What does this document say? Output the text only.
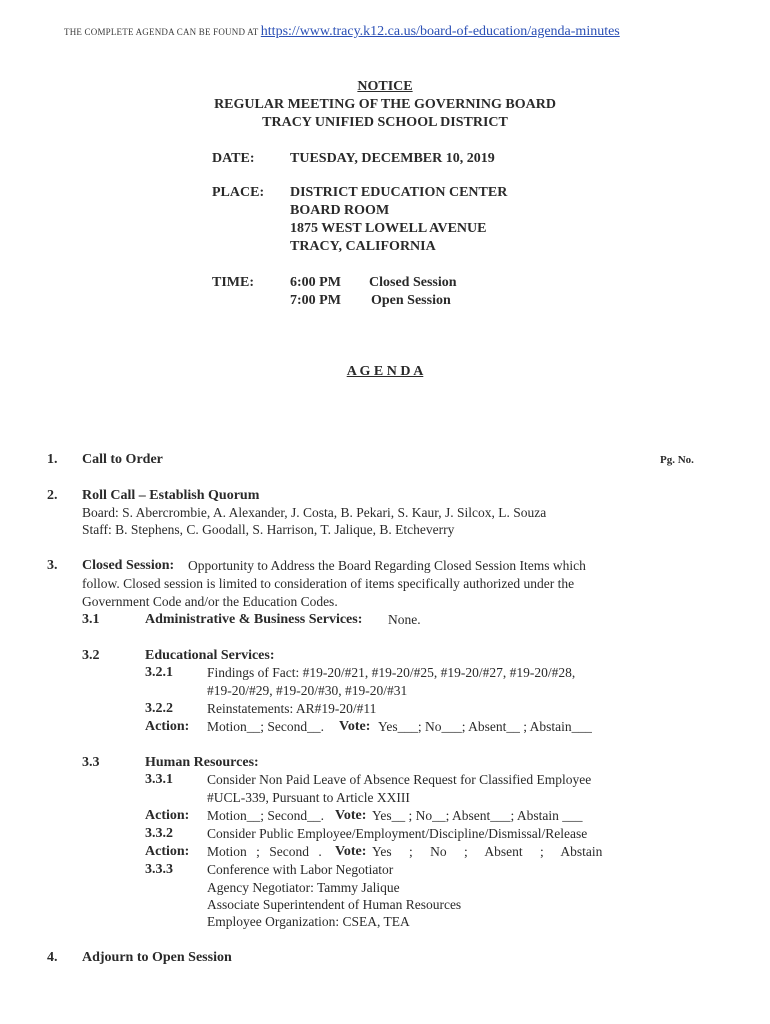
THE COMPLETE AGENDA CAN BE FOUND AT https://www.tracy.k12.ca.us/board-of-education/agenda-minutes
NOTICE
REGULAR MEETING OF THE GOVERNING BOARD
TRACY UNIFIED SCHOOL DISTRICT
DATE:	TUESDAY, DECEMBER 10, 2019
PLACE: DISTRICT EDUCATION CENTER
BOARD ROOM
1875 WEST LOWELL AVENUE
TRACY, CALIFORNIA
TIME:	6:00 PM Closed Session
7:00 PM Open Session
A G E N D A
1. Call to Order	Pg. No.
2. Roll Call – Establish Quorum
Board: S. Abercrombie, A. Alexander, J. Costa, B. Pekari, S. Kaur, J. Silcox, L. Souza
Staff: B. Stephens, C. Goodall, S. Harrison, T. Jalique, B. Etcheverry
3. Closed Session: Opportunity to Address the Board Regarding Closed Session Items which
follow. Closed session is limited to consideration of items specifically authorized under the
Government Code and/or the Education Codes.
3.1	Administrative & Business Services: None.
3.2	Educational Services:
3.2.1	Findings of Fact: #19-20/#21, #19-20/#25, #19-20/#27, #19-20/#28,
#19-20/#29, #19-20/#30, #19-20/#31
3.2.2	Reinstatements: AR#19-20/#11
Action: Motion__; Second__. Vote: Yes___; No___; Absent__ ; Abstain___
3.3	Human Resources:
3.3.1	Consider Non Paid Leave of Absence Request for Classified Employee
#UCL-339, Pursuant to Article XXIII
Action: Motion__; Second__. Vote: Yes__ ; No__; Absent___; Abstain ___
3.3.2	Consider Public Employee/Employment/Discipline/Dismissal/Release
Action: Motion ; Second . Vote: Yes ; No ; Absent ; Abstain
3.3.3	Conference with Labor Negotiator
Agency Negotiator: Tammy Jalique
Associate Superintendent of Human Resources
Employee Organization: CSEA, TEA
4. Adjourn to Open Session
